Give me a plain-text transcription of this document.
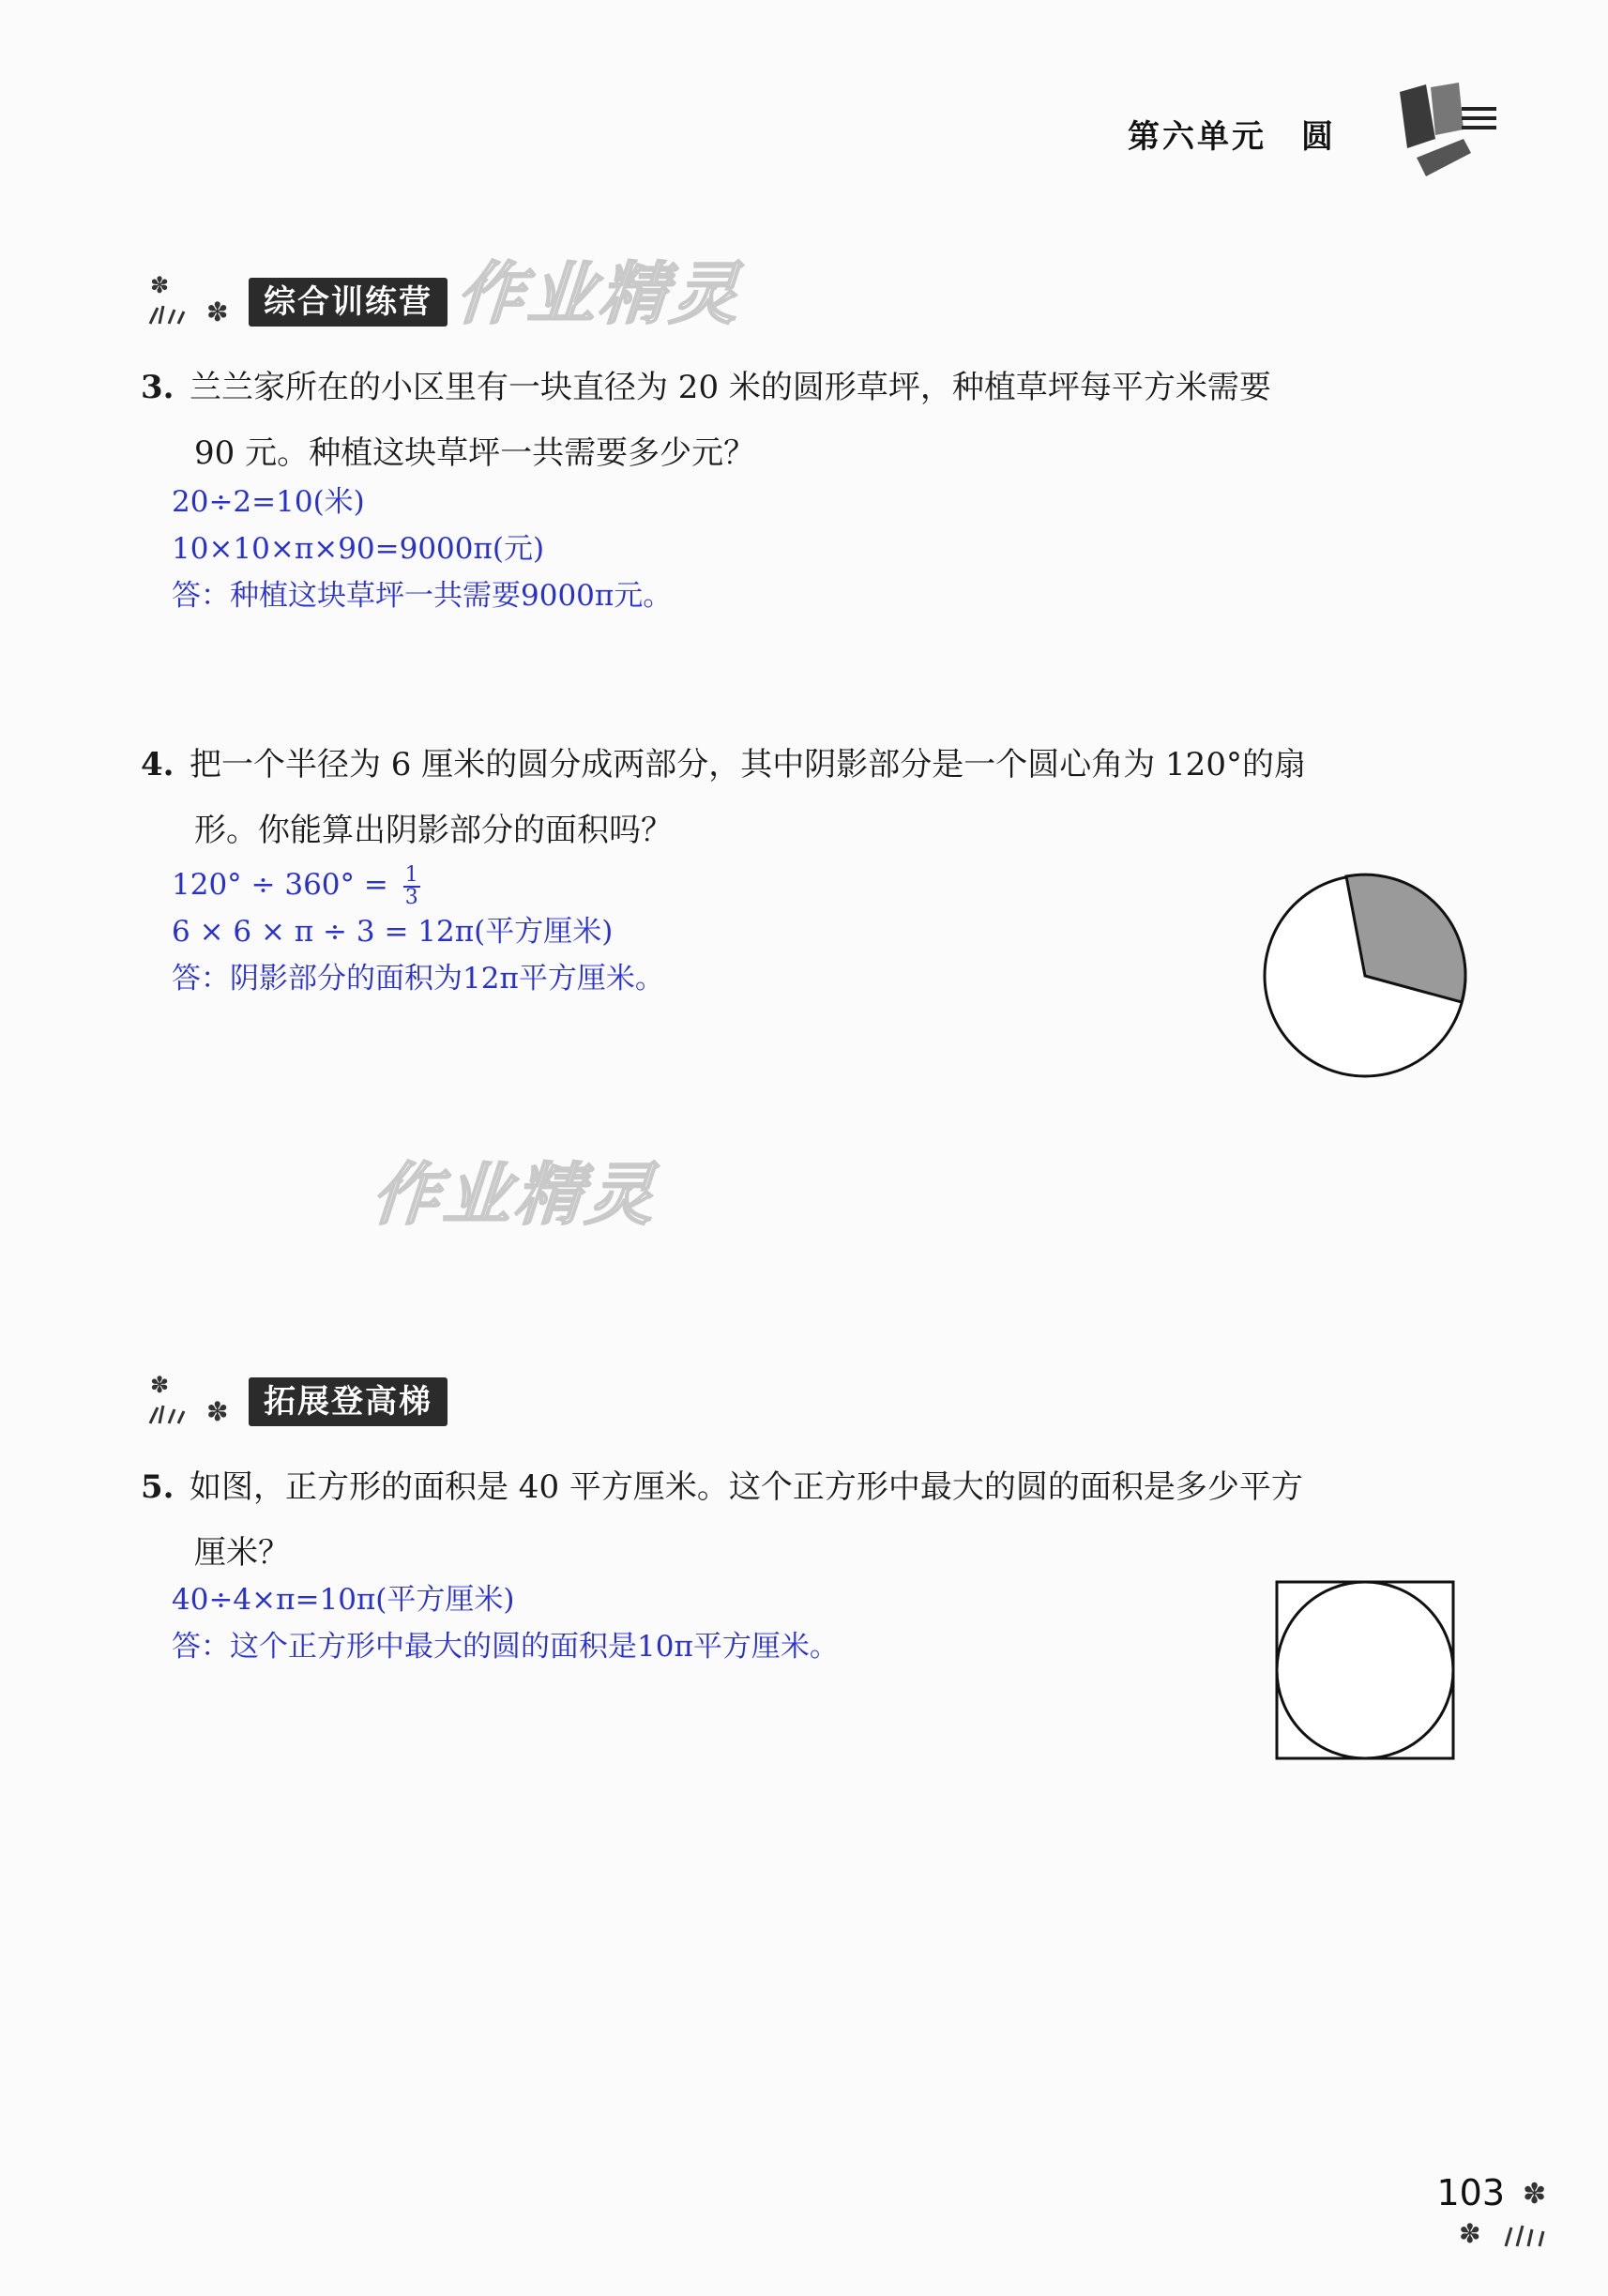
第六单元　圆
✽
✽	综合训练营 作业精灵
3. 兰兰家所在的小区里有一块直径为 20 米的圆形草坪，种植草坪每平方米需要
90 元。种植这块草坪一共需要多少元？
20÷2=10(米)
10×10×π×90=9000π(元)
答：种植这块草坪一共需要9000π元。
4. 把一个半径为 6 厘米的圆分成两部分，其中阴影部分是一个圆心角为 120°的扇
形。你能算出阴影部分的面积吗？
$120^\circ \div 360^\circ = \frac{1}{3}$
6 × 6 × π ÷ 3 = 12π(平方厘米)
答：阴影部分的面积为12π平方厘米。
作业精灵
✽
✽	拓展登高梯
5. 如图，正方形的面积是 40 平方厘米。这个正方形中最大的圆的面积是多少平方
厘米？
40÷4×π=10π(平方厘米)
答：这个正方形中最大的圆的面积是10π平方厘米。
103 ✽
✽
